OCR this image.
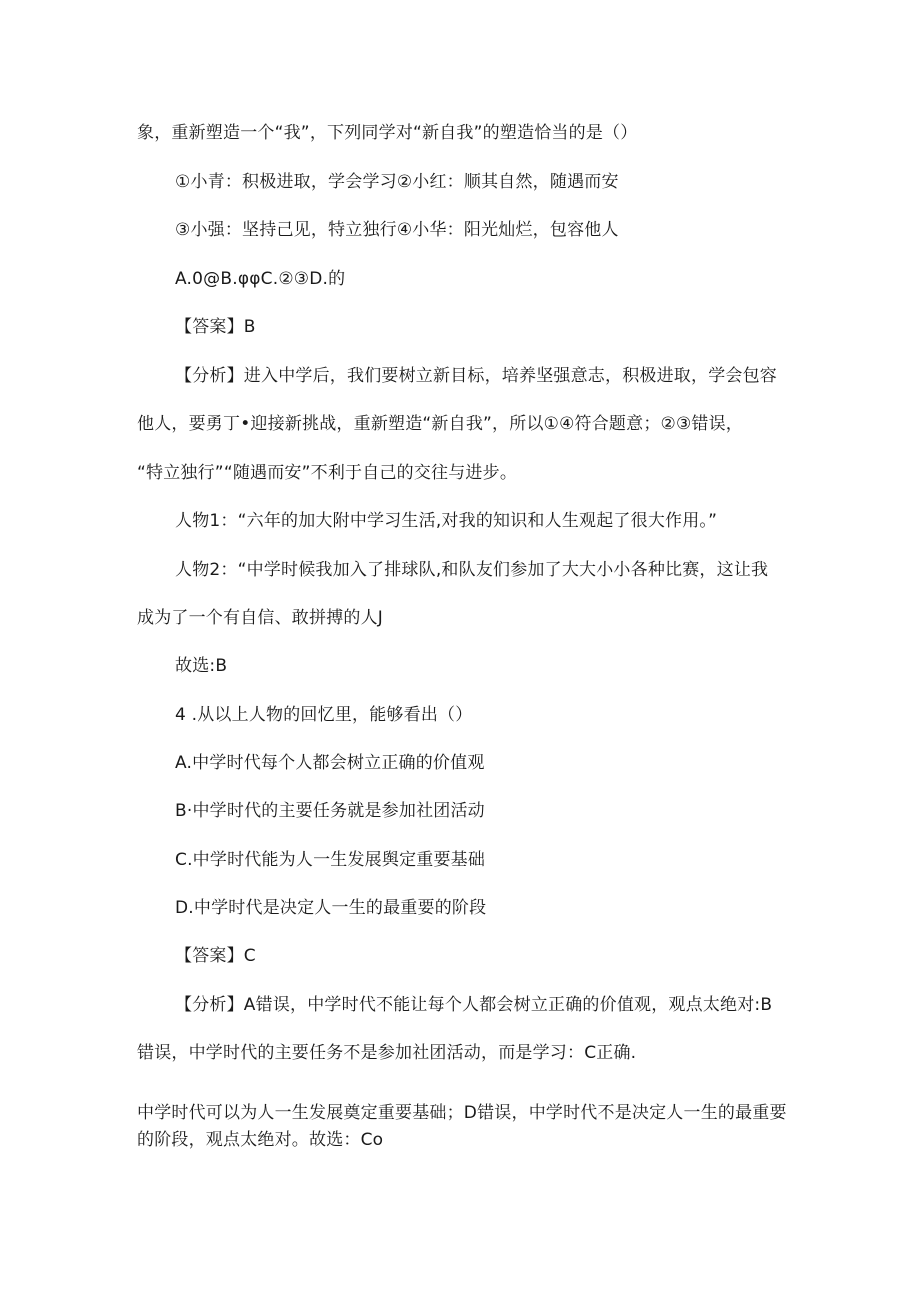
象，重新塑造一个“我”，下列同学对“新自我”的塑造恰当的是（）
①小青：积极进取，学会学习②小红：顺其自然，随遇而安
③小强：坚持己见，特立独行④小华：阳光灿烂，包容他人
A.0@B.φφC.②③D.的
【答案】B
【分析】进入中学后，我们要树立新目标，培养坚强意志，积极进取，学会包容
他人，要勇丁•迎接新挑战，重新塑造“新自我”，所以①④符合题意；②③错误，
“特立独行”“随遇而安”不利于自己的交往与进步。
人物1：“六年的加大附中学习生活,对我的知识和人生观起了很大作用。”
人物2：“中学时候我加入了排球队,和队友们参加了大大小小各种比赛，这让我
成为了一个有自信、敢拼搏的人J
故选:B
4 .从以上人物的回忆里，能够看出（）
A.中学时代每个人都会树立正确的价值观
B·中学时代的主要任务就是参加社团活动
C.中学时代能为人一生发展舆定重要基础
D.中学时代是决定人一生的最重要的阶段
【答案】C
【分析】A错误，中学时代不能让每个人都会树立正确的价值观，观点太绝对:B
错误，中学时代的主要任务不是参加社团活动，而是学习：C正确.
中学时代可以为人一生发展奠定重要基础；D错误，中学时代不是决定人一生的最重要
的阶段，观点太绝对。故选：Co
